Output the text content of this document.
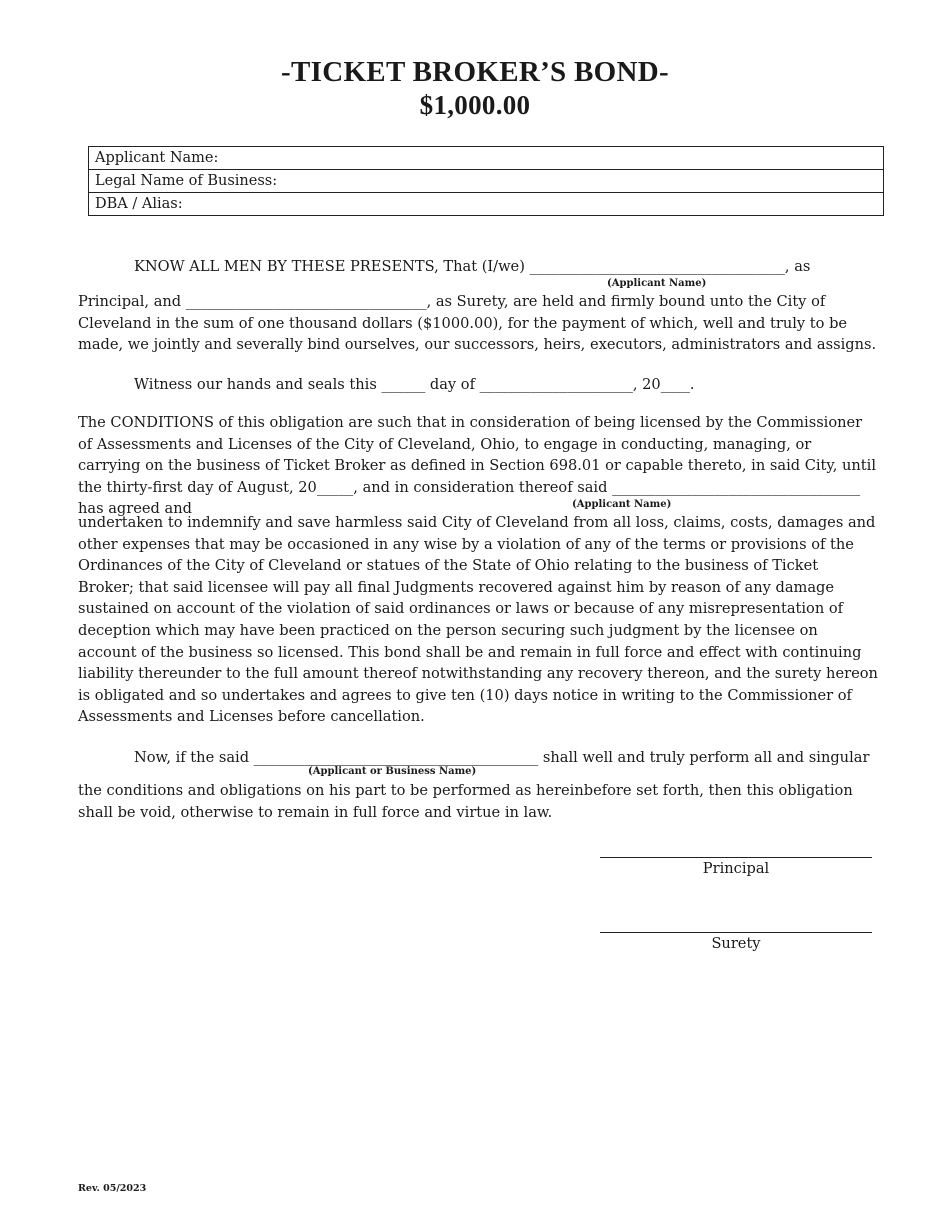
-TICKET BROKER’S BOND-
$1,000.00
Applicant Name:
Legal Name of Business:
DBA / Alias:
KNOW ALL MEN BY THESE PRESENTS, That (I/we) ___________________________________, as
(Applicant Name)
Principal, and _________________________________, as Surety, are held and firmly bound unto the City of Cleveland in the sum of one thousand dollars ($1000.00), for the payment of which, well and truly to be made, we jointly and severally bind ourselves, our successors, heirs, executors, administrators and assigns.
Witness our hands and seals this ______ day of _____________________, 20____.
The CONDITIONS of this obligation are such that in consideration of being licensed by the Commissioner of Assessments and Licenses of the City of Cleveland, Ohio, to engage in conducting, managing, or carrying on the business of Ticket Broker as defined in Section 698.01 or capable thereto, in said City, until the thirty-first day of August, 20_____, and in consideration thereof said __________________________________ has agreed and	(Applicant Name)
undertaken to indemnify and save harmless said City of Cleveland from all loss, claims, costs, damages and other expenses that may be occasioned in any wise by a violation of any of the terms or provisions of the Ordinances of the City of Cleveland or statues of the State of Ohio relating to the business of Ticket Broker; that said licensee will pay all final Judgments recovered against him by reason of any damage sustained on account of the violation of said ordinances or laws or because of any misrepresentation of deception which may have been practiced on the person securing such judgment by the licensee on account of the business so licensed. This bond shall be and remain in full force and effect with continuing liability thereunder to the full amount thereof notwithstanding any recovery thereon, and the surety hereon is obligated and so undertakes and agrees to give ten (10) days notice in writing to the Commissioner of Assessments and Licenses before cancellation.
Now, if the said _______________________________________ shall well and truly perform all and singular
(Applicant or Business Name)
the conditions and obligations on his part to be performed as hereinbefore set forth, then this obligation shall be void, otherwise to remain in full force and virtue in law.
Principal
Surety
Rev. 05/2023
